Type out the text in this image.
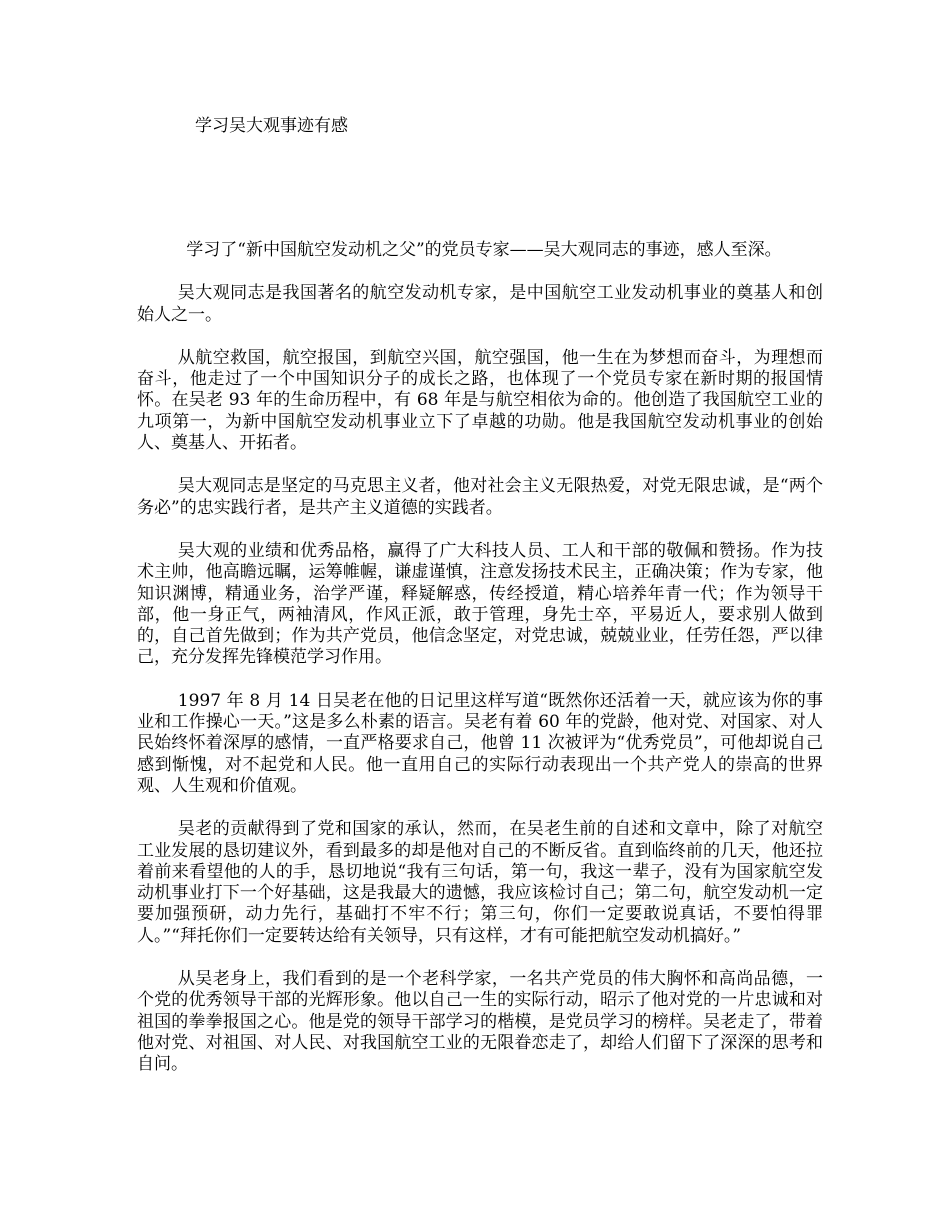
学习吴大观事迹有感

学习了“新中国航空发动机之父”的党员专家——吴大观同志的事迹，感人至深。

吴大观同志是我国著名的航空发动机专家，是中国航空工业发动机事业的奠基人和创始人之一。

从航空救国，航空报国，到航空兴国，航空强国，他一生在为梦想而奋斗，为理想而奋斗，他走过了一个中国知识分子的成长之路，也体现了一个党员专家在新时期的报国情怀。在吴老 93 年的生命历程中，有 68 年是与航空相依为命的。他创造了我国航空工业的九项第一，为新中国航空发动机事业立下了卓越的功勋。他是我国航空发动机事业的创始人、奠基人、开拓者。

吴大观同志是坚定的马克思主义者，他对社会主义无限热爱，对党无限忠诚，是“两个务必”的忠实践行者，是共产主义道德的实践者。

吴大观的业绩和优秀品格，赢得了广大科技人员、工人和干部的敬佩和赞扬。作为技术主帅，他高瞻远瞩，运筹帷幄，谦虚谨慎，注意发扬技术民主，正确决策；作为专家，他知识渊博，精通业务，治学严谨，释疑解惑，传经授道，精心培养年青一代；作为领导干部，他一身正气，两袖清风，作风正派，敢于管理，身先士卒，平易近人，要求别人做到的，自己首先做到；作为共产党员，他信念坚定，对党忠诚，兢兢业业，任劳任怨，严以律己，充分发挥先锋模范学习作用。

1997 年 8 月 14 日吴老在他的日记里这样写道“既然你还活着一天，就应该为你的事业和工作操心一天。”这是多么朴素的语言。吴老有着 60 年的党龄，他对党、对国家、对人民始终怀着深厚的感情，一直严格要求自己，他曾 11 次被评为“优秀党员”，可他却说自己感到惭愧，对不起党和人民。他一直用自己的实际行动表现出一个共产党人的崇高的世界观、人生观和价值观。

吴老的贡献得到了党和国家的承认，然而，在吴老生前的自述和文章中，除了对航空工业发展的恳切建议外，看到最多的却是他对自己的不断反省。直到临终前的几天，他还拉着前来看望他的人的手，恳切地说“我有三句话，第一句，我这一辈子，没有为国家航空发动机事业打下一个好基础，这是我最大的遗憾，我应该检讨自己；第二句，航空发动机一定要加强预研，动力先行，基础打不牢不行；第三句，你们一定要敢说真话，不要怕得罪人。”“拜托你们一定要转达给有关领导，只有这样，才有可能把航空发动机搞好。”

从吴老身上，我们看到的是一个老科学家，一名共产党员的伟大胸怀和高尚品德，一个党的优秀领导干部的光辉形象。他以自己一生的实际行动，昭示了他对党的一片忠诚和对祖国的拳拳报国之心。他是党的领导干部学习的楷模，是党员学习的榜样。吴老走了，带着他对党、对祖国、对人民、对我国航空工业的无限眷恋走了，却给人们留下了深深的思考和自问。
